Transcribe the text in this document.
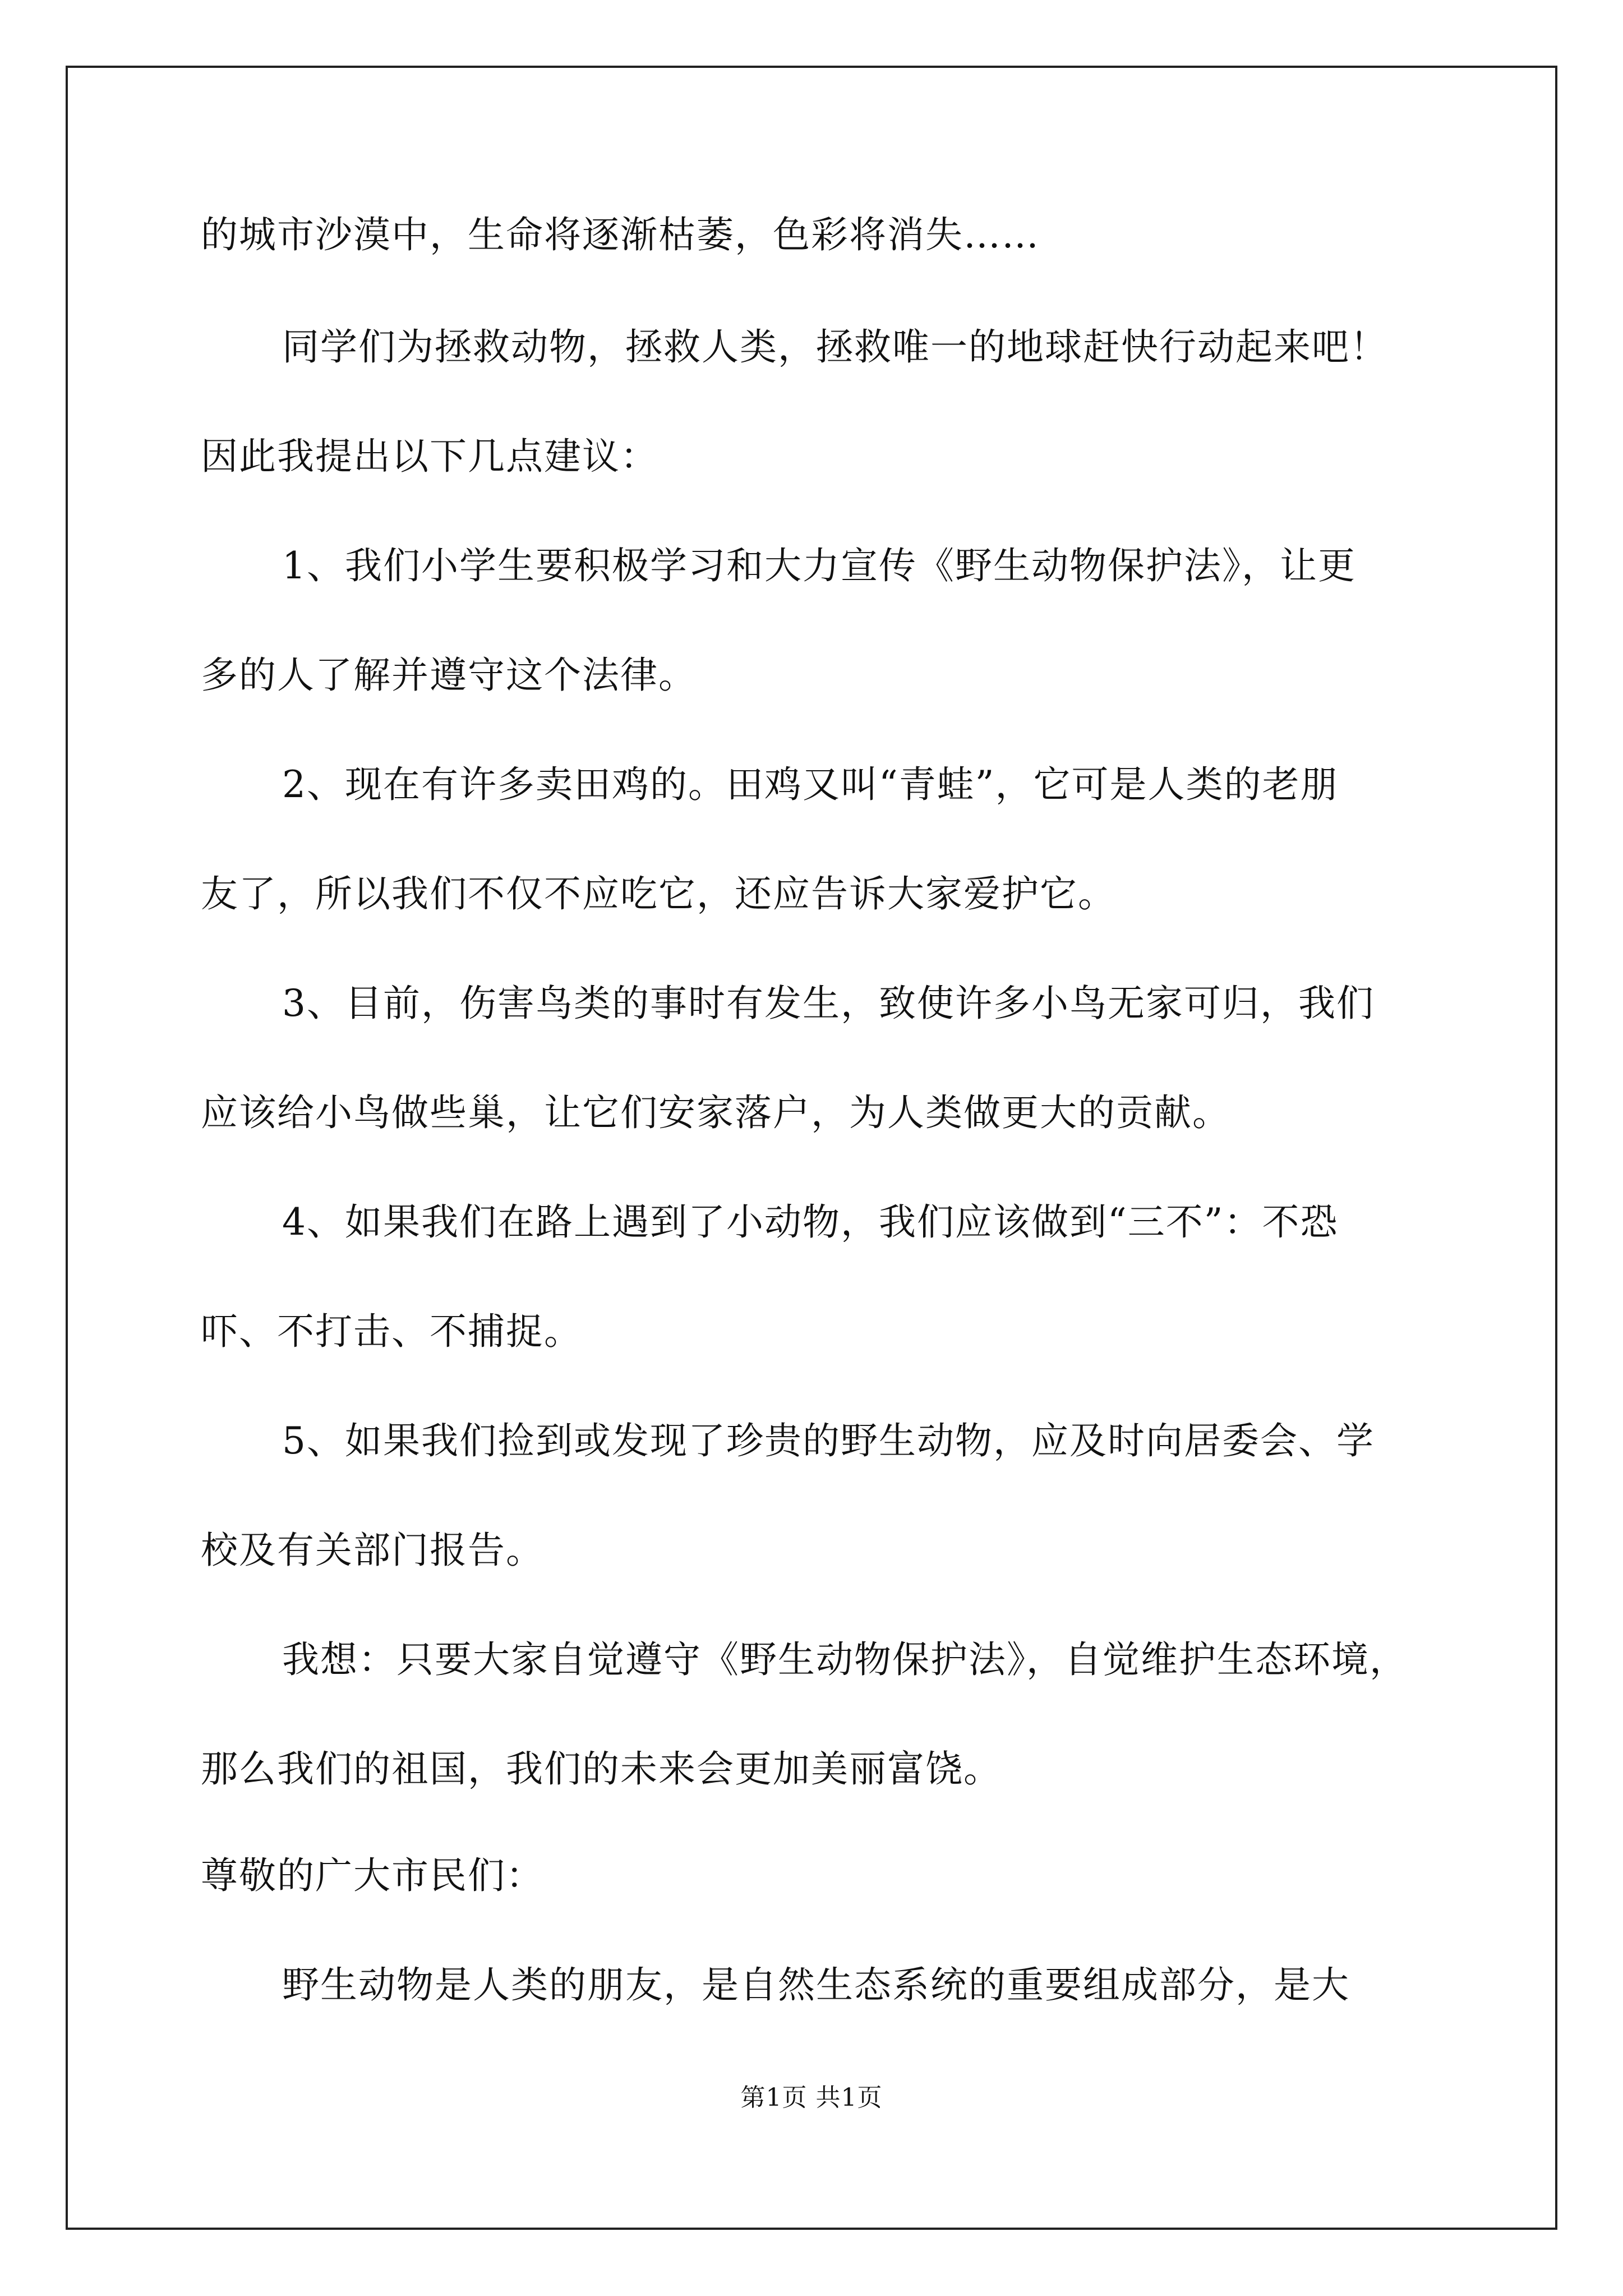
的城市沙漠中，生命将逐渐枯萎，色彩将消失……
同学们为拯救动物，拯救人类，拯救唯一的地球赶快行动起来吧！
因此我提出以下几点建议：
1、我们小学生要积极学习和大力宣传《野生动物保护法》，让更
多的人了解并遵守这个法律。
2、现在有许多卖田鸡的。田鸡又叫“青蛙”，它可是人类的老朋
友了，所以我们不仅不应吃它，还应告诉大家爱护它。
3、目前，伤害鸟类的事时有发生，致使许多小鸟无家可归，我们
应该给小鸟做些巢，让它们安家落户，为人类做更大的贡献。
4、如果我们在路上遇到了小动物，我们应该做到“三不”：不恐
吓、不打击、不捕捉。
5、如果我们捡到或发现了珍贵的野生动物，应及时向居委会、学
校及有关部门报告。
我想：只要大家自觉遵守《野生动物保护法》，自觉维护生态环境，
那么我们的祖国，我们的未来会更加美丽富饶。
尊敬的广大市民们：
野生动物是人类的朋友，是自然生态系统的重要组成部分，是大
第1页 共1页
